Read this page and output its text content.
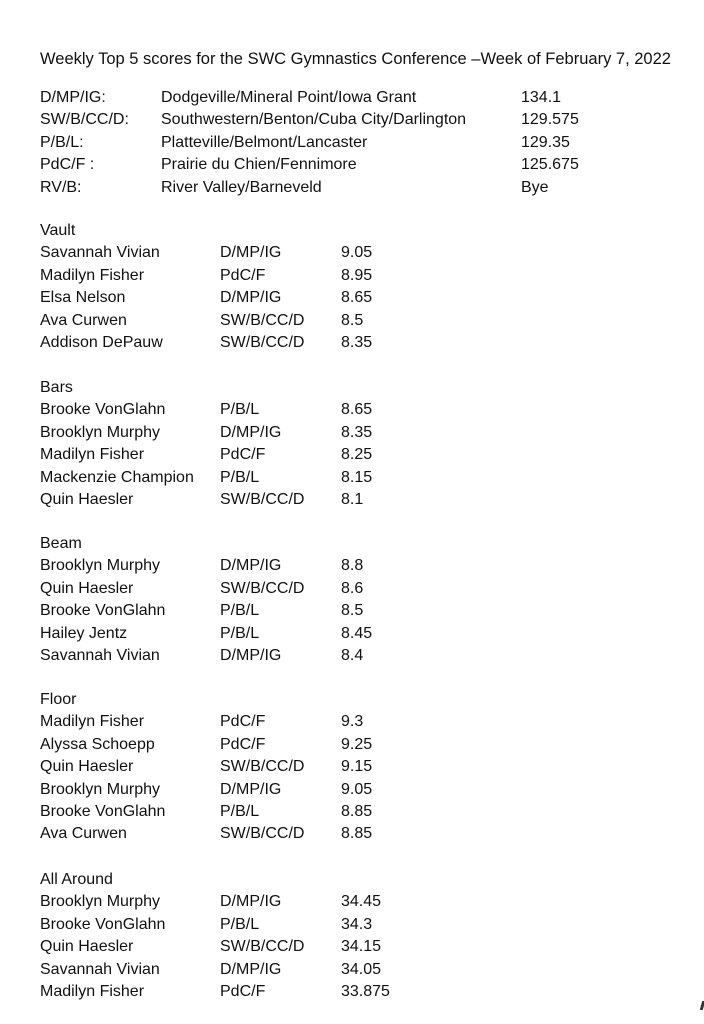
Weekly Top 5 scores for the SWC Gymnastics Conference –Week of February 7, 2022
D/MP/IG:	Dodgeville/Mineral Point/Iowa Grant	134.1
SW/B/CC/D: Southwestern/Benton/Cuba City/Darlington	129.575
P/B/L:	Platteville/Belmont/Lancaster	129.35
PdC/F :	Prairie du Chien/Fennimore	125.675
RV/B:	River Valley/Barneveld	Bye
Vault
Savannah Vivian	D/MP/IG	9.05
Madilyn Fisher	PdC/F	8.95
Elsa Nelson	D/MP/IG	8.65
Ava Curwen	SW/B/CC/D 8.5
Addison DePauw	SW/B/CC/D 8.35
Bars
Brooke VonGlahn	P/B/L	8.65
Brooklyn Murphy	D/MP/IG	8.35
Madilyn Fisher	PdC/F	8.25
Mackenzie Champion P/B/L	8.15
Quin Haesler	SW/B/CC/D 8.1
Beam
Brooklyn Murphy	D/MP/IG	8.8
Quin Haesler	SW/B/CC/D 8.6
Brooke VonGlahn	P/B/L	8.5
Hailey Jentz	P/B/L	8.45
Savannah Vivian	D/MP/IG	8.4
Floor
Madilyn Fisher	PdC/F	9.3
Alyssa Schoepp	PdC/F	9.25
Quin Haesler	SW/B/CC/D 9.15
Brooklyn Murphy	D/MP/IG	9.05
Brooke VonGlahn	P/B/L	8.85
Ava Curwen	SW/B/CC/D 8.85
All Around
Brooklyn Murphy	D/MP/IG	34.45
Brooke VonGlahn	P/B/L	34.3
Quin Haesler	SW/B/CC/D 34.15
Savannah Vivian	D/MP/IG	34.05
Madilyn Fisher	PdC/F	33.875
